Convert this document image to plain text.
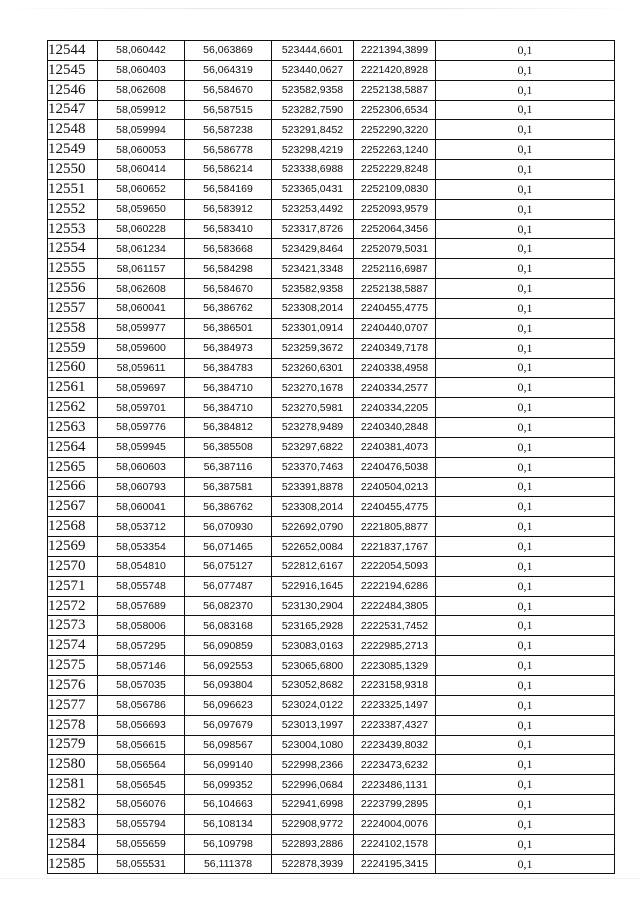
12544	58,060442	56,063869	523444,6601	2221394,3899	0,1
12545	58,060403	56,064319	523440,0627	2221420,8928	0,1
12546	58,062608	56,584670	523582,9358	2252138,5887	0,1
12547	58,059912	56,587515	523282,7590	2252306,6534	0,1
12548	58,059994	56,587238	523291,8452	2252290,3220	0,1
12549	58,060053	56,586778	523298,4219	2252263,1240	0,1
12550	58,060414	56,586214	523338,6988	2252229,8248	0,1
12551	58,060652	56,584169	523365,0431	2252109,0830	0,1
12552	58,059650	56,583912	523253,4492	2252093,9579	0,1
12553	58,060228	56,583410	523317,8726	2252064,3456	0,1
12554	58,061234	56,583668	523429,8464	2252079,5031	0,1
12555	58,061157	56,584298	523421,3348	2252116,6987	0,1
12556	58,062608	56,584670	523582,9358	2252138,5887	0,1
12557	58,060041	56,386762	523308,2014	2240455,4775	0,1
12558	58,059977	56,386501	523301,0914	2240440,0707	0,1
12559	58,059600	56,384973	523259,3672	2240349,7178	0,1
12560	58,059611	56,384783	523260,6301	2240338,4958	0,1
12561	58,059697	56,384710	523270,1678	2240334,2577	0,1
12562	58,059701	56,384710	523270,5981	2240334,2205	0,1
12563	58,059776	56,384812	523278,9489	2240340,2848	0,1
12564	58,059945	56,385508	523297,6822	2240381,4073	0,1
12565	58,060603	56,387116	523370,7463	2240476,5038	0,1
12566	58,060793	56,387581	523391,8878	2240504,0213	0,1
12567	58,060041	56,386762	523308,2014	2240455,4775	0,1
12568	58,053712	56,070930	522692,0790	2221805,8877	0,1
12569	58,053354	56,071465	522652,0084	2221837,1767	0,1
12570	58,054810	56,075127	522812,6167	2222054,5093	0,1
12571	58,055748	56,077487	522916,1645	2222194,6286	0,1
12572	58,057689	56,082370	523130,2904	2222484,3805	0,1
12573	58,058006	56,083168	523165,2928	2222531,7452	0,1
12574	58,057295	56,090859	523083,0163	2222985,2713	0,1
12575	58,057146	56,092553	523065,6800	2223085,1329	0,1
12576	58,057035	56,093804	523052,8682	2223158,9318	0,1
12577	58,056786	56,096623	523024,0122	2223325,1497	0,1
12578	58,056693	56,097679	523013,1997	2223387,4327	0,1
12579	58,056615	56,098567	523004,1080	2223439,8032	0,1
12580	58,056564	56,099140	522998,2366	2223473,6232	0,1
12581	58,056545	56,099352	522996,0684	2223486,1131	0,1
12582	58,056076	56,104663	522941,6998	2223799,2895	0,1
12583	58,055794	56,108134	522908,9772	2224004,0076	0,1
12584	58,055659	56,109798	522893,2886	2224102,1578	0,1
12585	58,055531	56,111378	522878,3939	2224195,3415	0,1
